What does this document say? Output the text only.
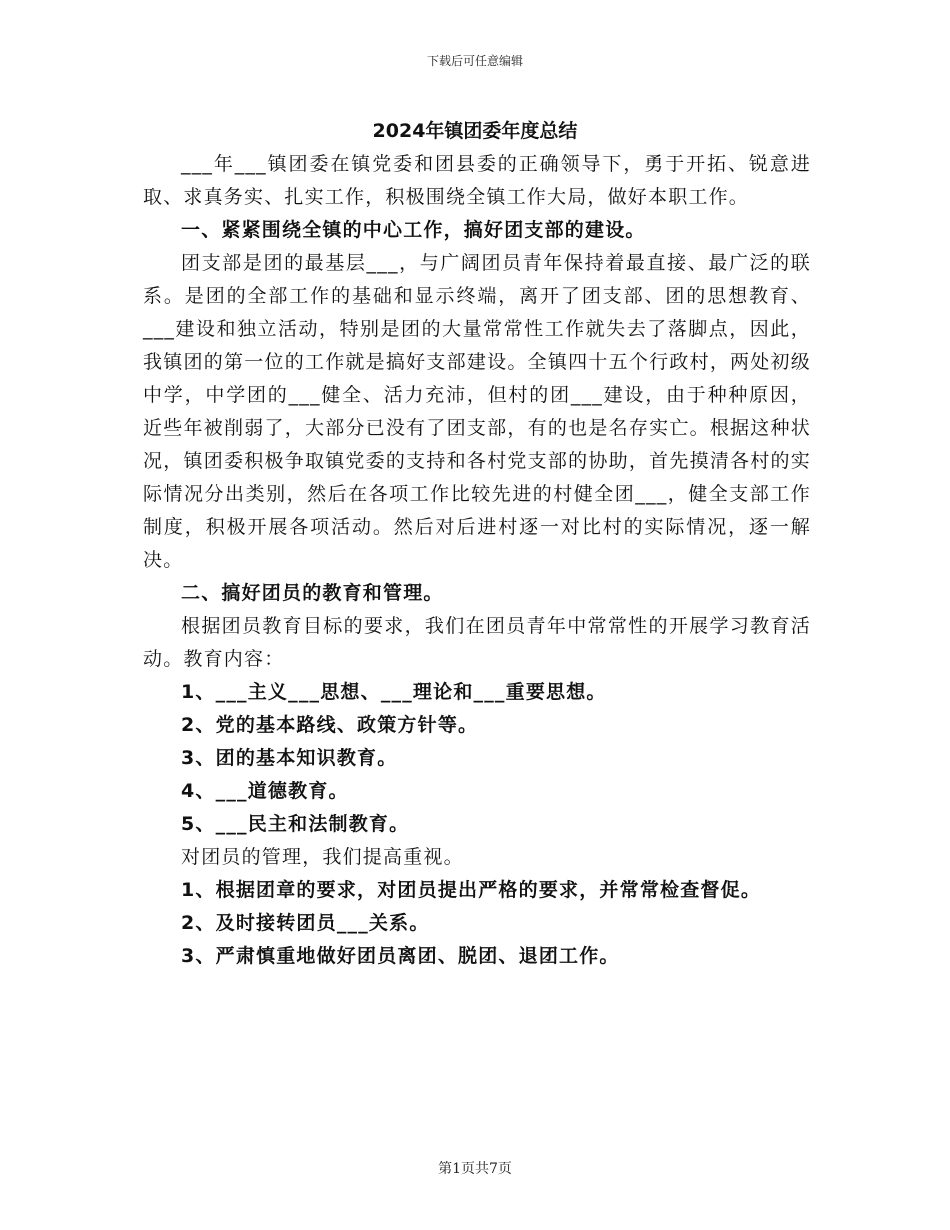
下载后可任意编辑
2024年镇团委年度总结

___年___镇团委在镇党委和团县委的正确领导下，勇于开拓、锐意进取、求真务实、扎实工作，积极围绕全镇工作大局，做好本职工作。

一、紧紧围绕全镇的中心工作，搞好团支部的建设。

团支部是团的最基层___，与广阔团员青年保持着最直接、最广泛的联系。是团的全部工作的基础和显示终端，离开了团支部、团的思想教育、___建设和独立活动，特别是团的大量常常性工作就失去了落脚点，因此，我镇团的第一位的工作就是搞好支部建设。全镇四十五个行政村，两处初级中学，中学团的___健全、活力充沛，但村的团___建设，由于种种原因，近些年被削弱了，大部分已没有了团支部，有的也是名存实亡。根据这种状况，镇团委积极争取镇党委的支持和各村党支部的协助，首先摸清各村的实际情况分出类别，然后在各项工作比较先进的村健全团___，健全支部工作制度，积极开展各项活动。然后对后进村逐一对比村的实际情况，逐一解决。

二、搞好团员的教育和管理。

根据团员教育目标的要求，我们在团员青年中常常性的开展学习教育活动。教育内容：

1、___主义___思想、___理论和___重要思想。

2、党的基本路线、政策方针等。

3、团的基本知识教育。

4、___道德教育。

5、___民主和法制教育。

对团员的管理，我们提高重视。

1、根据团章的要求，对团员提出严格的要求，并常常检查督促。

2、及时接转团员___关系。

3、严肃慎重地做好团员离团、脱团、退团工作。

第1页共7页
